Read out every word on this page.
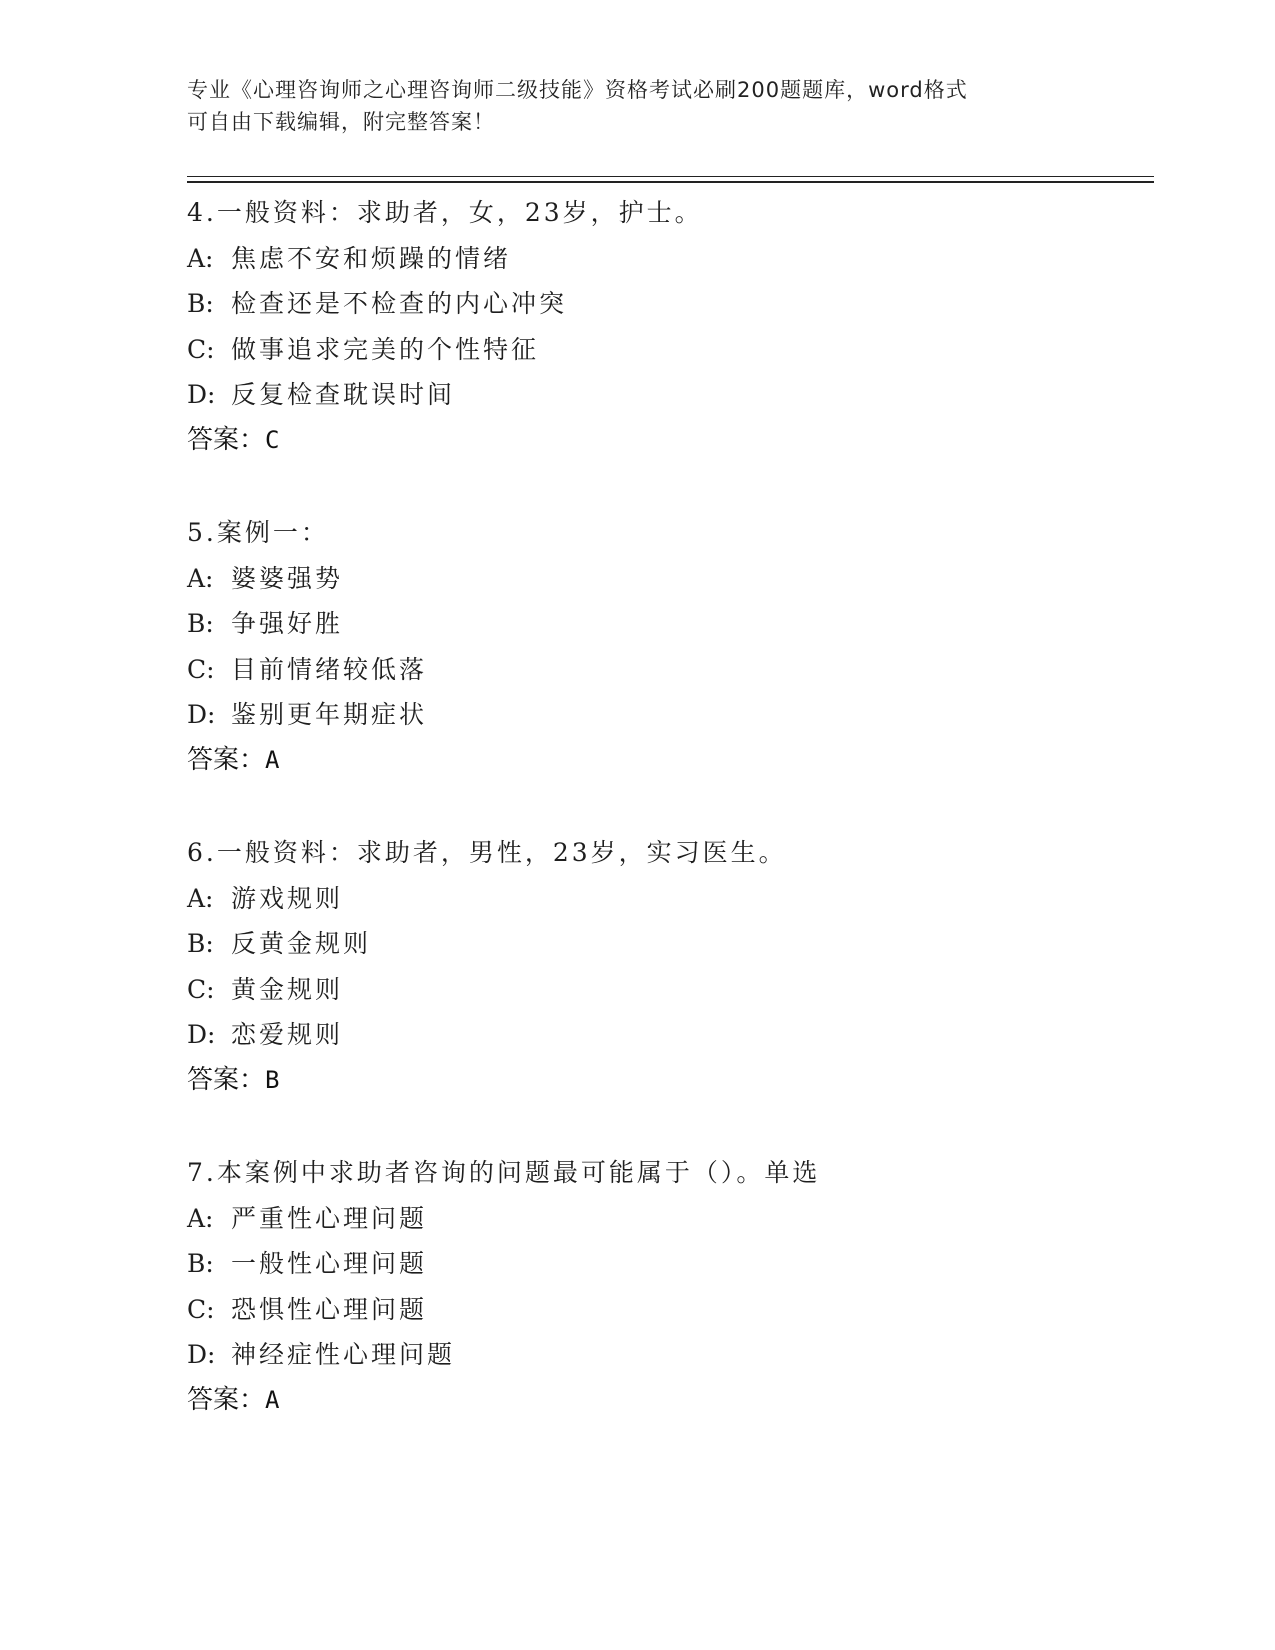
专业《心理咨询师之心理咨询师二级技能》资格考试必刷200题题库，word格式
可自由下载编辑，附完整答案！
4.一般资料：求助者，女，23岁，护士。
A: 焦虑不安和烦躁的情绪
B: 检查还是不检查的内心冲突
C: 做事追求完美的个性特征
D: 反复检查耽误时间
答案：C
5.案例一：
A: 婆婆强势
B: 争强好胜
C: 目前情绪较低落
D: 鉴别更年期症状
答案：A
6.一般资料：求助者，男性，23岁，实习医生。
A: 游戏规则
B: 反黄金规则
C: 黄金规则
D: 恋爱规则
答案：B
7.本案例中求助者咨询的问题最可能属于（）。单选
A: 严重性心理问题
B: 一般性心理问题
C: 恐惧性心理问题
D: 神经症性心理问题
答案：A
